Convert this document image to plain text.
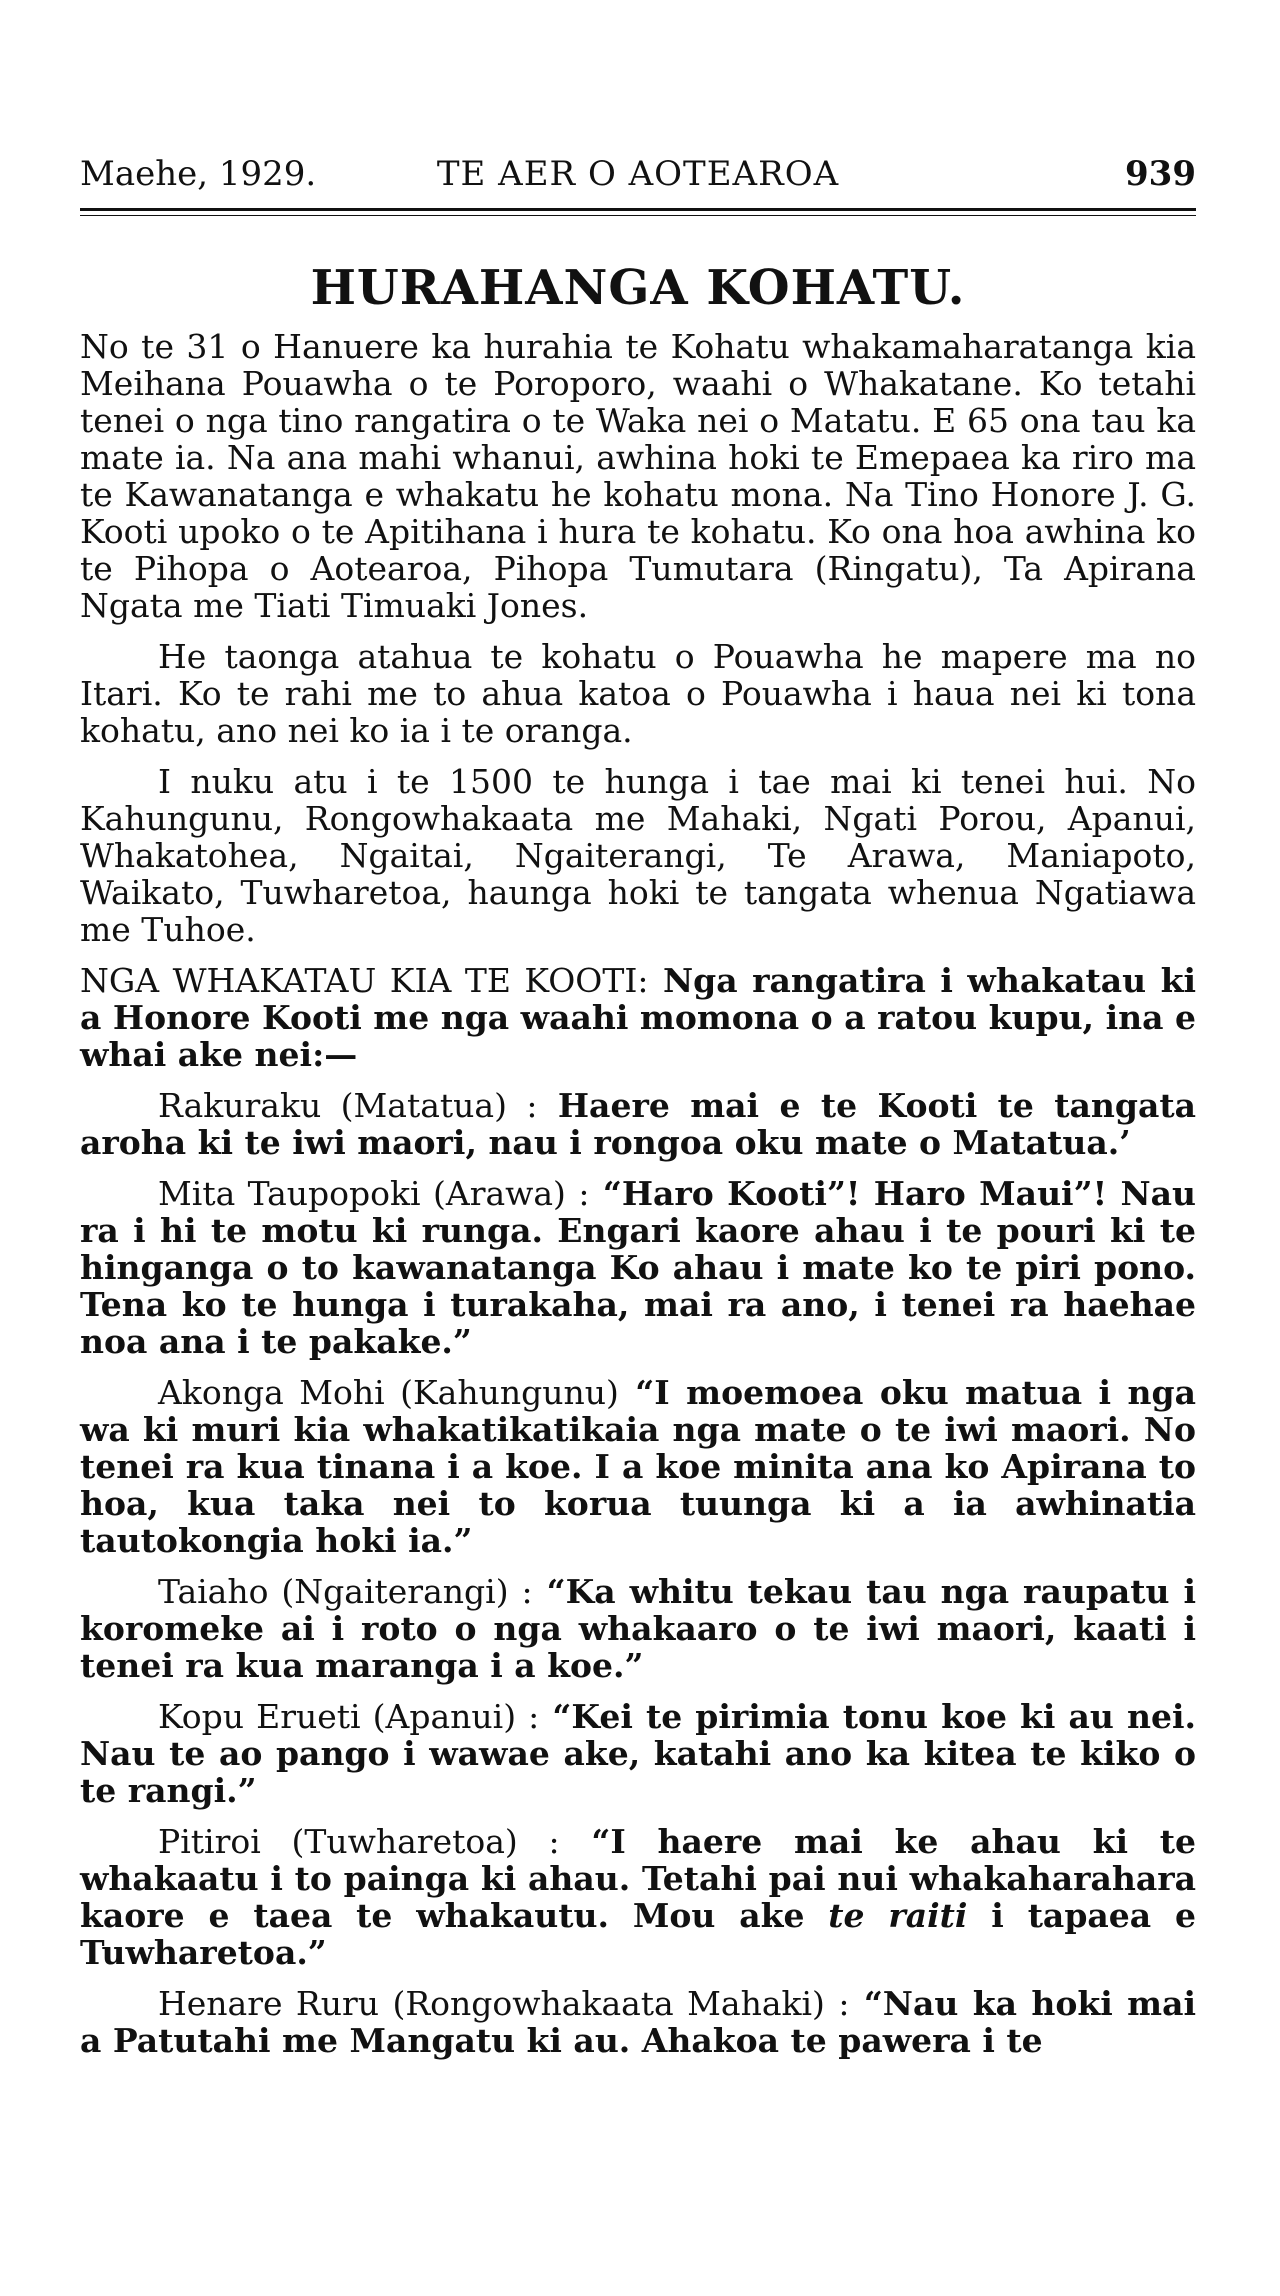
Maehe, 1929.	TE AER O AOTEAROA	939
HURAHANGA KOHATU.

No te 31 o Hanuere ka hurahia te Kohatu whakamaharatanga kia Meihana Pouawha o te Poroporo, waahi o Whakatane. Ko tetahi tenei o nga tino rangatira o te Waka nei o Matatu. E 65 ona tau ka mate ia. Na ana mahi whanui, awhina hoki te Emepaea ka riro ma te Kawanatanga e whakatu he kohatu mona. Na Tino Honore J. G. Kooti upoko o te Apitihana i hura te kohatu. Ko ona hoa awhina ko te Pihopa o Aotearoa, Pihopa Tumutara (Ringatu), Ta Apirana Ngata me Tiati Timuaki Jones.

He taonga atahua te kohatu o Pouawha he mapere ma no Itari. Ko te rahi me to ahua katoa o Pouawha i haua nei ki tona kohatu, ano nei ko ia i te oranga.

I nuku atu i te 1500 te hunga i tae mai ki tenei hui. No Kahungunu, Rongowhakaata me Mahaki, Ngati Porou, Apanui, Whakatohea, Ngaitai, Ngaiterangi, Te Arawa, Maniapoto, Waikato, Tuwharetoa, haunga hoki te tangata whenua Ngatiawa me Tuhoe.

NGA WHAKATAU KIA TE KOOTI: Nga rangatira i whakatau ki a Honore Kooti me nga waahi momona o a ratou kupu, ina e whai ake nei:—

Rakuraku (Matatua) : Haere mai e te Kooti te tangata aroha ki te iwi maori, nau i rongoa oku mate o Matatua.’

Mita Taupopoki (Arawa) : “Haro Kooti”! Haro Maui”! Nau ra i hi te motu ki runga. Engari kaore ahau i te pouri ki te hinganga o to kawanatanga Ko ahau i mate ko te piri pono. Tena ko te hunga i turakaha, mai ra ano, i tenei ra haehae noa ana i te pakake.”

Akonga Mohi (Kahungunu) “I moemoea oku matua i nga wa ki muri kia whakatikatikaia nga mate o te iwi maori. No tenei ra kua tinana i a koe. I a koe minita ana ko Apirana to hoa, kua taka nei to korua tuunga ki a ia awhinatia tautokongia hoki ia.”

Taiaho (Ngaiterangi) : “Ka whitu tekau tau nga raupatu i koromeke ai i roto o nga whakaaro o te iwi maori, kaati i tenei ra kua maranga i a koe.”

Kopu Erueti (Apanui) : “Kei te pirimia tonu koe ki au nei. Nau te ao pango i wawae ake, katahi ano ka kitea te kiko o te rangi.”

Pitiroi (Tuwharetoa) : “I haere mai ke ahau ki te whakaatu i to painga ki ahau. Tetahi pai nui whakaharahara kaore e taea te whakautu. Mou ake te raiti i tapaea e Tuwharetoa.”

Henare Ruru (Rongowhakaata Mahaki) : “Nau ka hoki mai a Patutahi me Mangatu ki au. Ahakoa te pawera i te
